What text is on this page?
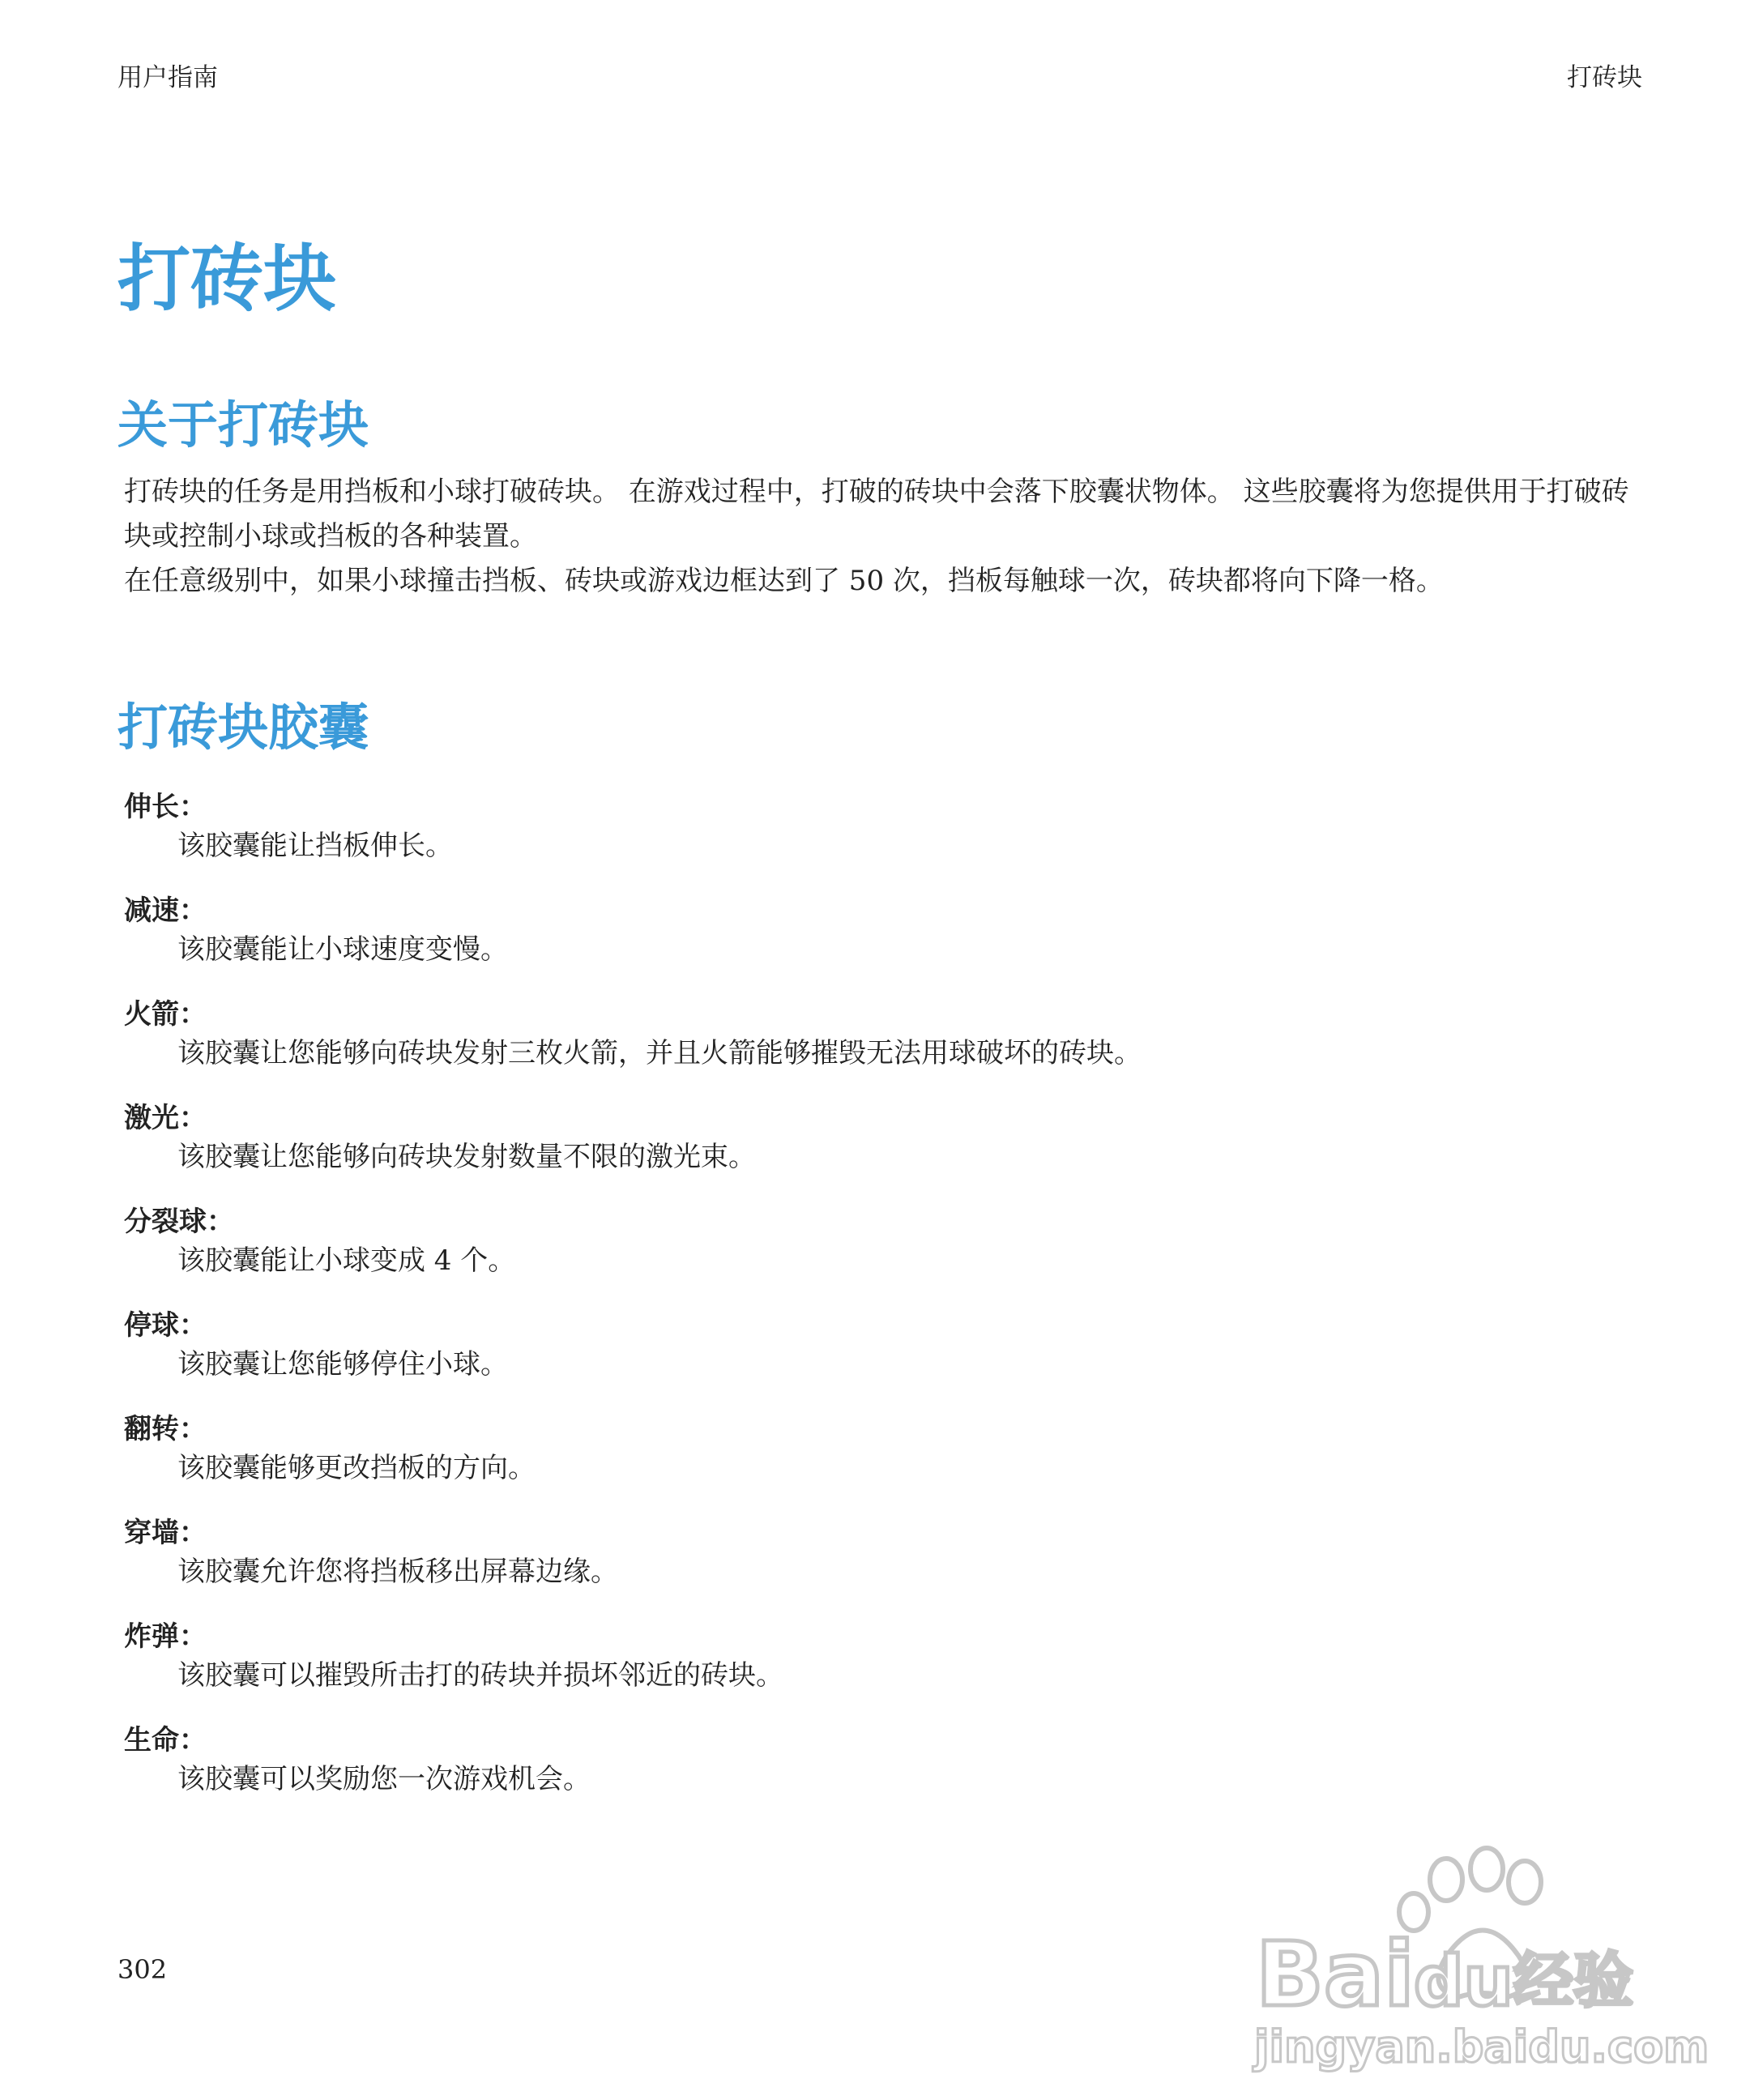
用户指南	打砖块
打砖块
关于打砖块

打砖块的任务是用挡板和小球打破砖块。 在游戏过程中，打破的砖块中会落下胶囊状物体。 这些胶囊将为您提供用于打破砖块或控制小球或挡板的各种装置。

在任意级别中，如果小球撞击挡板、砖块或游戏边框达到了 50 次，挡板每触球一次，砖块都将向下降一格。

打砖块胶囊
伸长：
该胶囊能让挡板伸长。
减速：
该胶囊能让小球速度变慢。
火箭：
该胶囊让您能够向砖块发射三枚火箭，并且火箭能够摧毁无法用球破坏的砖块。
激光：
该胶囊让您能够向砖块发射数量不限的激光束。
分裂球：
该胶囊能让小球变成 4 个。
停球：
该胶囊让您能够停住小球。
翻转：
该胶囊能够更改挡板的方向。
穿墙：
该胶囊允许您将挡板移出屏幕边缘。
炸弹：
该胶囊可以摧毁所击打的砖块并损坏邻近的砖块。
生命：
该胶囊可以奖励您一次游戏机会。
302	Bai du 经验
jingyan.baidu.com
